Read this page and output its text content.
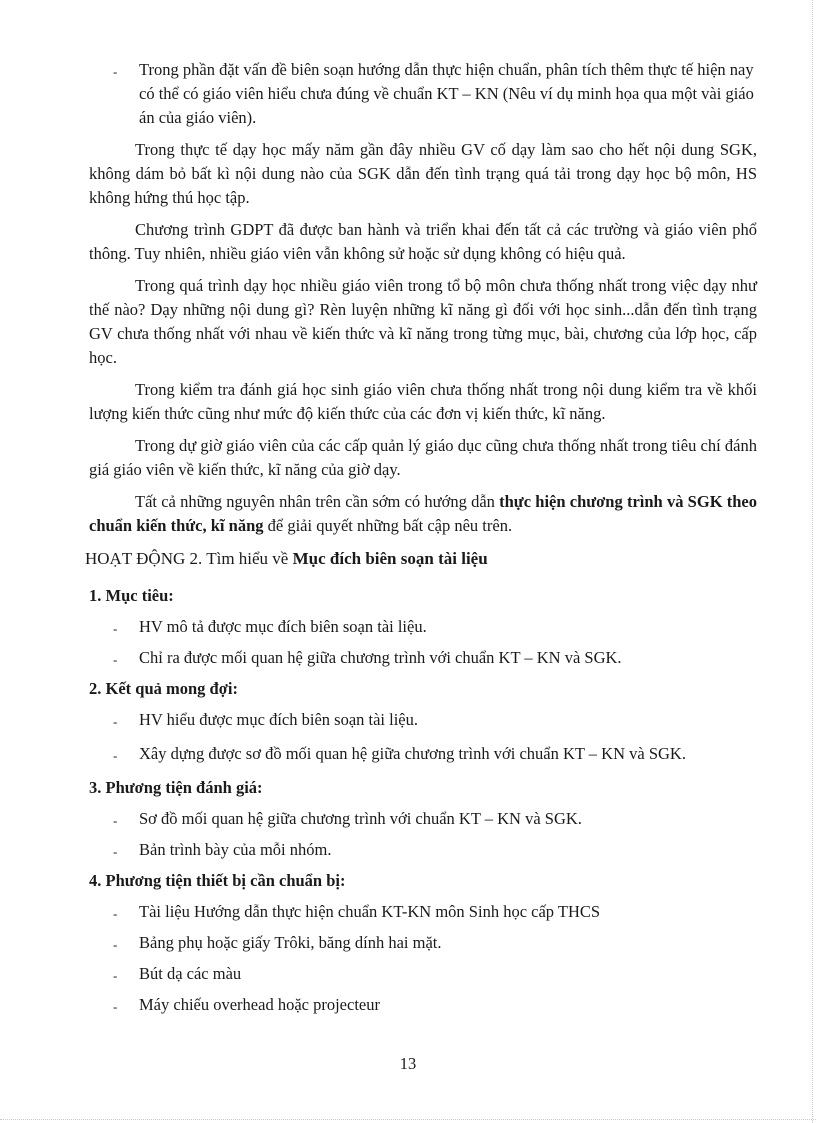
- Trong phần đặt vấn đề biên soạn hướng dẫn thực hiện chuẩn, phân tích thêm thực tế hiện nay có thể có giáo viên hiểu chưa đúng về chuẩn KT – KN (Nêu ví dụ minh họa qua một vài giáo án của giáo viên).

Trong thực tế dạy học mấy năm gần đây nhiều GV cố dạy làm sao cho hết nội dung SGK, không dám bỏ bất kì nội dung nào của SGK dẫn đến tình trạng quá tải trong dạy học bộ môn, HS không hứng thú học tập.

Chương trình GDPT đã được ban hành và triển khai đến tất cả các trường và giáo viên phổ thông. Tuy nhiên, nhiều giáo viên vẫn không sử hoặc sử dụng không có hiệu quả.

Trong quá trình dạy học nhiều giáo viên trong tổ bộ môn chưa thống nhất trong việc dạy như thế nào? Dạy những nội dung gì? Rèn luyện những kĩ năng gì đối với học sinh...dẫn đến tình trạng GV chưa thống nhất với nhau về kiến thức và kĩ năng trong từng mục, bài, chương của lớp học, cấp học.

Trong kiểm tra đánh giá học sinh giáo viên chưa thống nhất trong nội dung kiểm tra về khối lượng kiến thức cũng như mức độ kiến thức của các đơn vị kiến thức, kĩ năng.

Trong dự giờ giáo viên của các cấp quản lý giáo dục cũng chưa thống nhất trong tiêu chí đánh giá giáo viên về kiến thức, kĩ năng của giờ dạy.

Tất cả những nguyên nhân trên cần sớm có hướng dẫn thực hiện chương trình và SGK theo chuẩn kiến thức, kĩ năng để giải quyết những bất cập nêu trên.

HOẠT ĐỘNG 2. Tìm hiểu về Mục đích biên soạn tài liệu
1. Mục tiêu:
- HV mô tả được mục đích biên soạn tài liệu.
- Chỉ ra được mối quan hệ giữa chương trình với chuẩn KT – KN và SGK.
2. Kết quả mong đợi:
- HV hiểu được mục đích biên soạn tài liệu.
- Xây dựng được sơ đồ mối quan hệ giữa chương trình với chuẩn KT – KN và SGK.
3. Phương tiện đánh giá:
- Sơ đồ mối quan hệ giữa chương trình với chuẩn KT – KN và SGK.
- Bản trình bày của mỗi nhóm.
4. Phương tiện thiết bị cần chuẩn bị:
- Tài liệu Hướng dẫn thực hiện chuẩn KT-KN môn Sinh học cấp THCS
- Bảng phụ hoặc giấy Trôki, băng dính hai mặt.
- Bút dạ các màu
- Máy chiếu overhead hoặc projecteur
13
